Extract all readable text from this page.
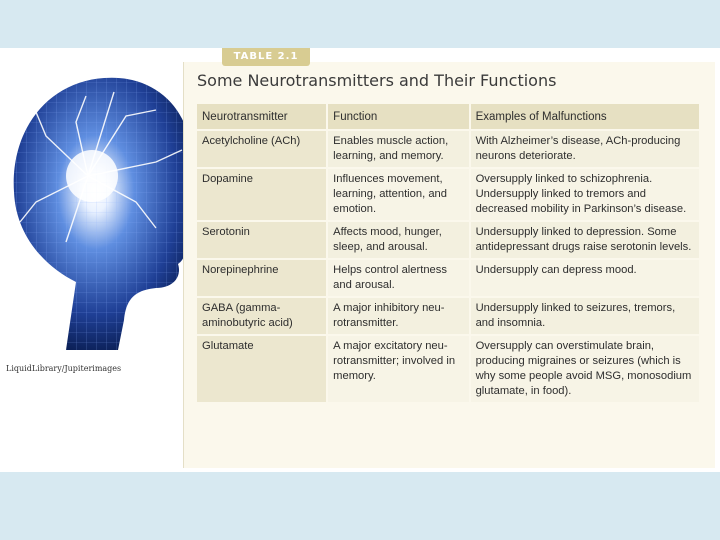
LiquidLibrary/Jupiterimages
TABLE 2.1
Some Neurotransmitters and Their Functions
Neurotransmitter	Function	Examples of Malfunctions
Acetylcholine (ACh)	Enables muscle action, learning, and memory.	With Alzheimer’s disease, ACh-producing neurons deteriorate.
Dopamine	Influences movement, learning, attention, and emotion.	Oversupply linked to schizophrenia. Undersupply linked to tremors and decreased mobility in Parkinson’s disease.
Serotonin	Affects mood, hunger, sleep, and arousal.	Undersupply linked to depression. Some antidepressant drugs raise serotonin levels.
Norepinephrine	Helps control alertness and arousal.	Undersupply can depress mood.
GABA (gamma-aminobutyric acid)	A major inhibitory neu-rotransmitter.	Undersupply linked to seizures, tremors, and insomnia.
Glutamate	A major excitatory neu-rotransmitter; involved in memory.	Oversupply can overstimulate brain, producing migraines or seizures (which is why some people avoid MSG, monosodium glutamate, in food).
